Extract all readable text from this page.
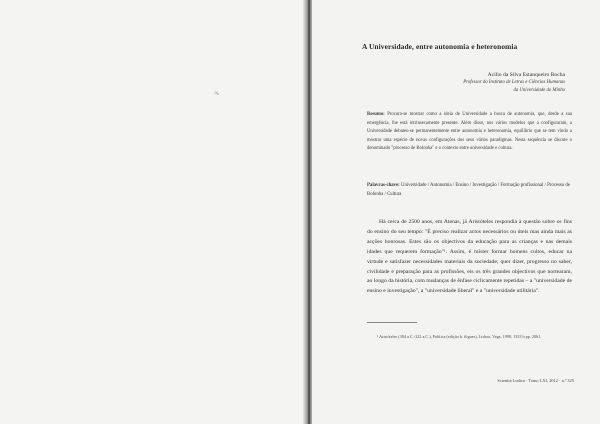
·%
A Universidade, entre autonomia e heteronomia
Acílio da Silva Estanqueiro Rocha
Professor do Instituto de Letras e Ciências Humanas
da Universidade do Minho
Resumo: Procura-se mostrar como a ideia de Universidade a busca de autonomia, que, desde a sua emergência, lhe está intrinsecamente presente. Além disso, nos vários modelos que a configuraram, a Universidade debateu-se permanentemente entre autonomia e heteronomia, equilíbrio que se tem vindo a mostrar uma espécie de novas configurações dos seus vários paradigmas. Nesta sequência se discute o denominado "processo de Bolonha" e o contexto entre universidade e cultura.
Palavras-chave: Universidade / Autonomia / Ensino / Investigação / Formação profissional / Processo de Bolonha / Cultura
Há cerca de 2500 anos, em Atenas, já Aristóteles respondia à questão sobre os fins do ensino do seu tempo: "É preciso realizar actos necessários ou úteis mas ainda mais as acções honrosas. Estes são os objectivos da educação para as crianças e nas demais idades que requerem formação"¹. Assim, é mister formar homens cultos, educar na virtude e satisfazer necessidades materiais da sociedade; quer dizer, progresso no saber, civilidade e preparação para as profissões, eis os três grandes objectivos que nortearam, ao longo da história, com mudanças de ênfase ciclicamente repetidas – a "universidade de ensino e investigação", a "universidade liberal" e a "universidade utilitária".
¹ Aristóteles (384 a.C.-322 a.C.), Política (edição b. iligues), Lisboa, Vega, 1998, 1333 b pp. 2061.
Scientia Ludica · Tomo LXI, 2012 · n.º 325
